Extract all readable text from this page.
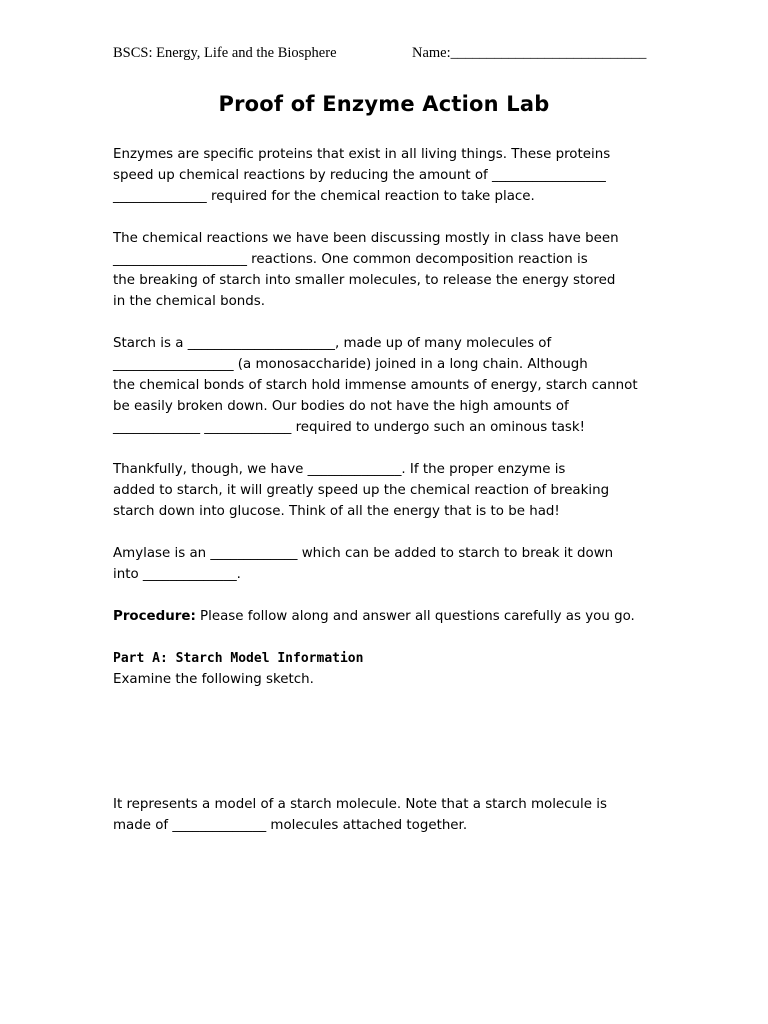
BSCS: Energy, Life and the Biosphere	Name:___________________________
Proof of Enzyme Action Lab

Enzymes are specific proteins that exist in all living things. These proteins
speed up chemical reactions by reducing the amount of _________________
______________ required for the chemical reaction to take place.

The chemical reactions we have been discussing mostly in class have been
____________________ reactions. One common decomposition reaction is
the breaking of starch into smaller molecules, to release the energy stored
in the chemical bonds.

Starch is a ______________________, made up of many molecules of
__________________ (a monosaccharide) joined in a long chain. Although
the chemical bonds of starch hold immense amounts of energy, starch cannot
be easily broken down. Our bodies do not have the high amounts of
_____________ _____________ required to undergo such an ominous task!

Thankfully, though, we have ______________. If the proper enzyme is
added to starch, it will greatly speed up the chemical reaction of breaking
starch down into glucose. Think of all the energy that is to be had!

Amylase is an _____________ which can be added to starch to break it down
into ______________.

Procedure: Please follow along and answer all questions carefully as you go.

Part A: Starch Model Information
Examine the following sketch.

It represents a model of a starch molecule. Note that a starch molecule is
made of ______________ molecules attached together.
